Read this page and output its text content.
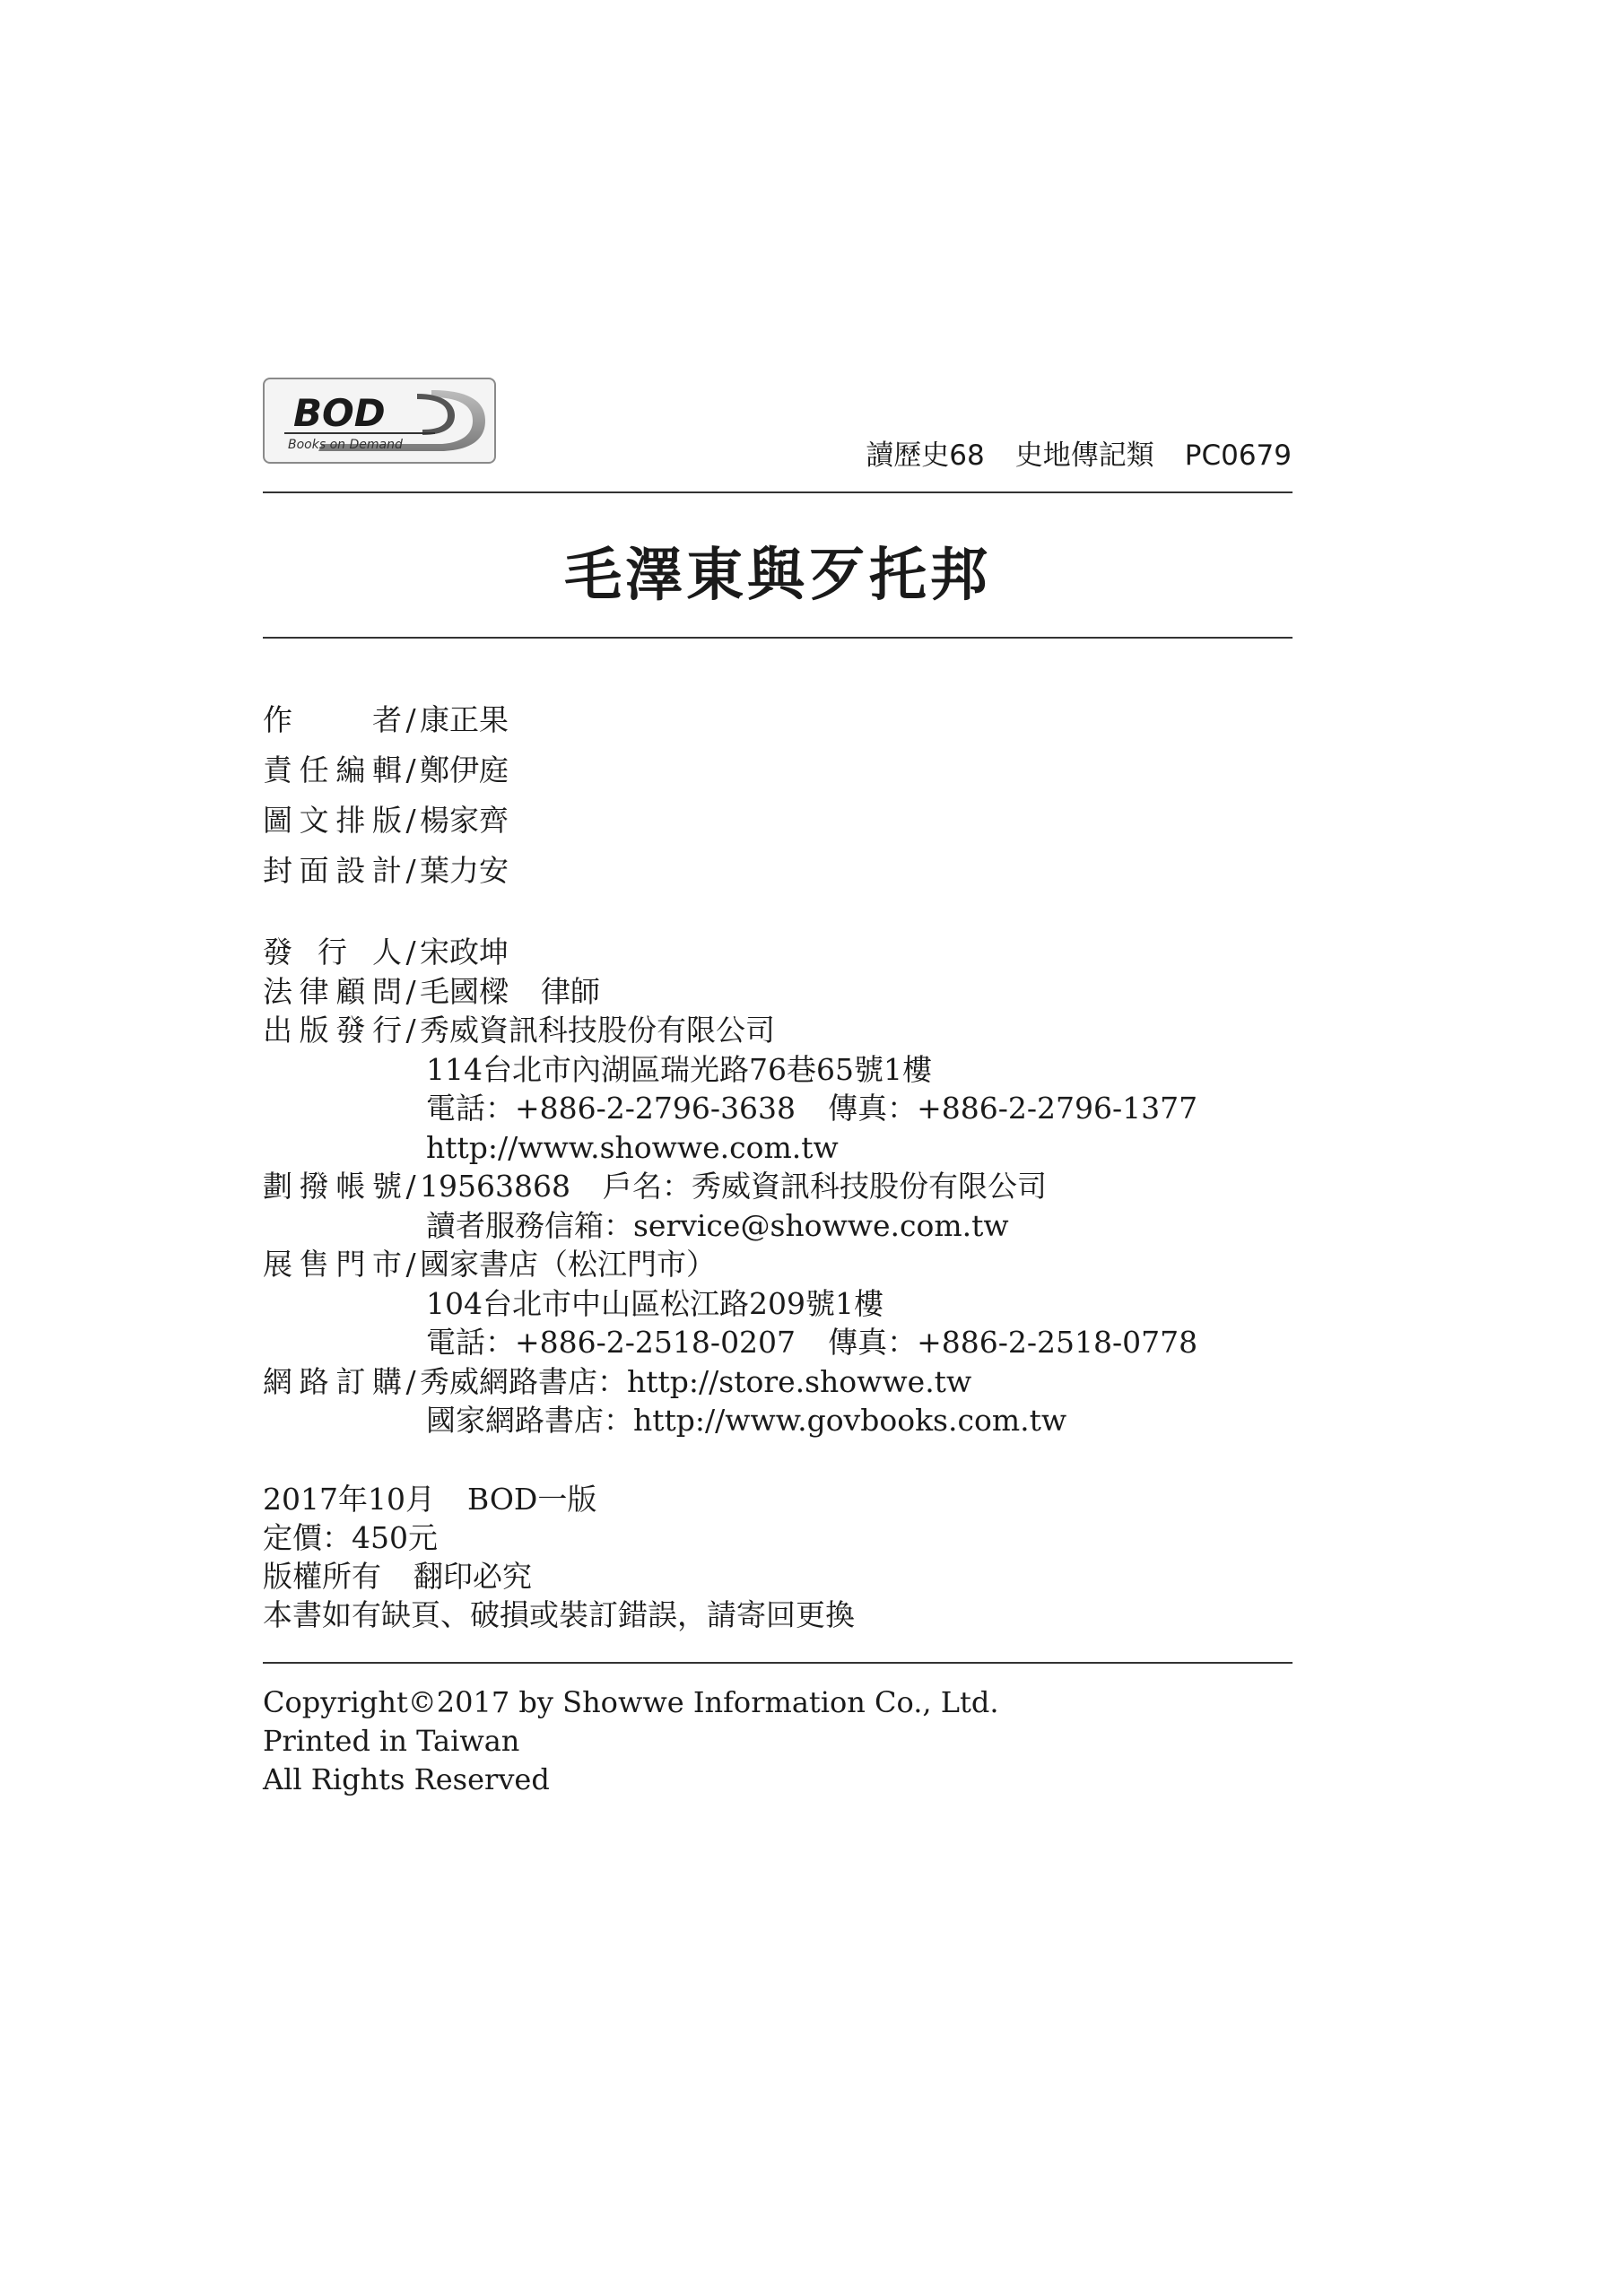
BOD
Books on Demand	讀歷史68 史地傳記類 PC0679
毛澤東與歹托邦
作者 / 康正果
責任編輯 / 鄭伊庭
圖文排版 / 楊家齊
封面設計 / 葉力安
發行人 / 宋政坤
法律顧問 / 毛國樑 律師
出版發行 / 秀威資訊科技股份有限公司
114台北市內湖區瑞光路76巷65號1樓
電話：+886-2-2796-3638 傳真：+886-2-2796-1377
http://www.showwe.com.tw
劃撥帳號 / 19563868 戶名：秀威資訊科技股份有限公司
讀者服務信箱：service@showwe.com.tw
展售門市 / 國家書店（松江門市）
104台北市中山區松江路209號1樓
電話：+886-2-2518-0207 傳真：+886-2-2518-0778
網路訂購 / 秀威網路書店：http://store.showwe.tw
國家網路書店：http://www.govbooks.com.tw
2017年10月 BOD一版
定價：450元
版權所有 翻印必究
本書如有缺頁、破損或裝訂錯誤，請寄回更換
Copyright©2017 by Showwe Information Co., Ltd.
Printed in Taiwan
All Rights Reserved
